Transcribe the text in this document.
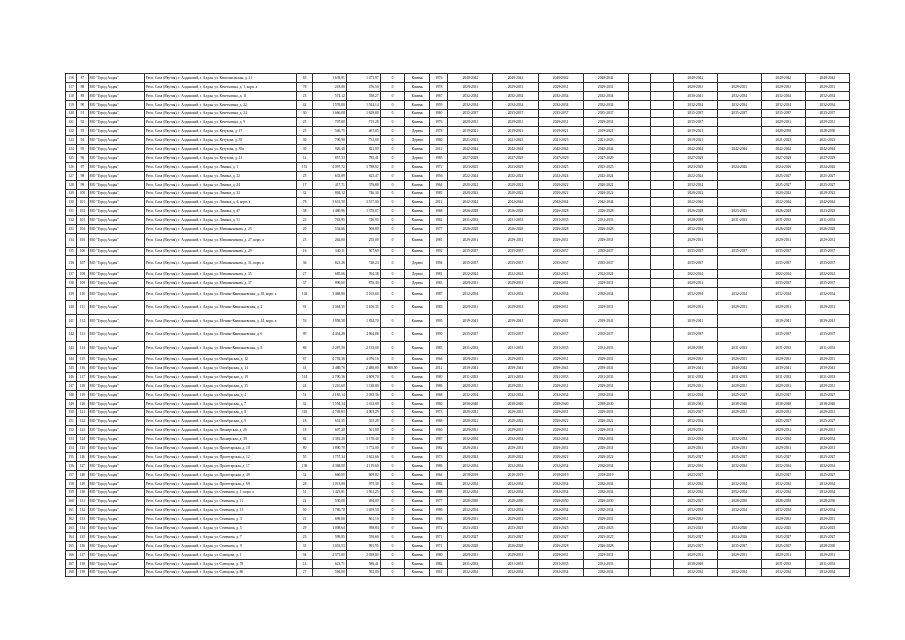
116	87	МО "Город Алдан"	Респ. Саха (Якутия), г. Алданский, г. Алдан, ул. Комсомольская, д. 21	65	1 639,81	1 471,97	0	Камень	1976	2040-2042	2040-2042	2040-2042	2040-2042			2040-2042		2040-2042	2040-2042
117	88	МО "Город Алдан"	Респ. Саха (Якутия), г. Алданский, г. Алдан, ул. Кочетыгина, д. 1, корп. а	78	218,00	476,50	0	Камень	1978	2029-2031	2029-2031	2029-2031	2029-2031			2029-2031	2029-2031	2029-2031	2029-2031
118	89	МО "Город Алдан"	Респ. Саха (Якутия), г. Алданский, г. Алдан, ул. Кочетыгина, д. 11	23	574,12	558,27	0	Камень	1967	2032-2034	2032-2034	2032-2034	2032-2034			2030-2041	2032-2034	2032-2034	2032-2034
119	90	МО "Город Алдан"	Респ. Саха (Якутия), г. Алданский, г. Алдан, ул. Кочетыгина, д. 22	42	1 576,00	1 544,14	0	Камень	1959	2032-2034	2032-2034	2032-2034	2032-2034			2032-2034	2032-2034	2032-2034	2032-2034
120	91	МО "Город Алдан"	Респ. Саха (Якутия), г. Алданский, г. Алдан, ул. Кочетыгина, д. 24	30	1 666,00	1 629,80	0	Камень	1960	2035-2037	2035-2037	2035-2037	2035-2037			2035-2037	2035-2037	2035-2037	2035-2037
121	92	МО "Город Алдан"	Респ. Саха (Якутия), г. Алданский, г. Алдан, ул. Кочетыгина, д. 9	25	707,00	715,28	0	Камень	1976	2029-2031	2029-2031	2029-2031	2029-2031			2035-2037		2029-2031	2029-2031
122	93	МО "Город Алдан"	Респ. Саха (Якутия), г. Алданский, г. Алдан, ул. Кутузова, д. 17	25	546,75	467,05	0	Дерево	1978	2019-2021	2019-2021	2019-2021	2019-2021			2019-2021		2028-2030	2028-2030
123	94	МО "Город Алдан"	Респ. Саха (Якутия), г. Алданский, г. Алдан, ул. Кутузова, д. 39	30	790,90	731,00	0	Дерево	1960	2021-2023	2021-2023	2021-2023	2021-2023			2019-2021		2021-2023	2021-2023
124	95	МО "Город Алдан"	Респ. Саха (Якутия), г. Алданский, г. Алдан, ул. Кутузова, д. 39а	30	926,40	821,00	0	Камень	2012	2042-2044	2042-2044	2042-2044	2042-2044			2042-2044	2042-2044	2042-2044	2042-2044
125	96	МО "Город Алдан"	Респ. Саха (Якутия), г. Алданский, г. Алдан, ул. Кутузова, д. 41	12	857,53	785,41	0	Дерево	1985	2027-2029	2027-2029	2027-2029	2027-2029			2027-2029		2027-2029	2027-2029
126	97	МО "Город Алдан"	Респ. Саха (Якутия), г. Алданский, г. Алдан, ул. Ленина, д. 1	151	4 097,72	3 788,02	0	Камень	1972	2023-2025	2023-2025	2023-2025	2023-2025			2023-2025	2024-2026	2024-2026	2024-2026
127	98	МО "Город Алдан"	Респ. Саха (Якутия), г. Алданский, г. Алдан, ул. Ленина, д. 22	25	633,89	623,47	0	Камень	1956	2022-2024	2022-2024	2022-2024	2022-2024			2022-2024		2025-2027	2025-2027
128	99	МО "Город Алдан"	Респ. Саха (Якутия), г. Алданский, г. Алдан, ул. Ленина, д. 24	17	417,71	376,88	0	Камень	1964	2020-2022	2020-2022	2020-2022	2020-2022			2032-2034		2025-2027	2025-2027
129	100	МО "Город Алдан"	Респ. Саха (Якутия), г. Алданский, г. Алдан, ул. Ленина, д. 33	32	804,12	746,30	0	Камень	1982	2020-2022	2020-2022	2020-2022	2020-2022			2020-2022		2020-2022	2020-2022
130	101	МО "Город Алдан"	Респ. Саха (Якутия), г. Алданский, г. Алдан, ул. Ленина, д. 4, корп. а	78	3 631,50	3 517,00	0	Камень	2012	2042-2044	2042-2044	2042-2044	2042-2044			2042-2044		2042-2044	2042-2044
131	102	МО "Город Алдан"	Респ. Саха (Якутия), г. Алданский, г. Алдан, ул. Ленина, д. 47	38	1 480,96	1 370,07	0	Камень	1968	2026-2028	2026-2028	2026-2028	2026-2028			2026-2028	2023-2025	2026-2028	2023-2025
132	103	МО "Город Алдан"	Респ. Саха (Якутия), г. Алданский, г. Алдан, ул. Ленина, д. 51	23	763,95	726,95	0	Камень	1962	2031-2033	2031-2033	2031-2033	2031-2033			2028-2030	2031-2033	2031-2033	2031-2033
133	104	МО "Город Алдан"	Респ. Саха (Якутия), г. Алданский, г. Алдан, ул. Мичманчикова, д. 23	20	534,66	508,80	0	Камень	1977	2026-2028	2026-2028	2026-2028	2026-2028			2032-2034		2026-2028	2026-2028
134	105	МО "Город Алдан"	Респ. Саха (Якутия), г. Алданский, г. Алдан, ул. Мичманчикова, д. 27, корп. а	23	262,00	255,00	0	Камень	1981	2029-2031	2029-2031	2029-2031	2029-2031			2029-2031		2029-2031	2029-2031
135	106	МО "Город Алдан"	Респ. Саха (Якутия), г. Алданский, г. Алдан, ул. Мичманчикова, д. 29	16	540,11	507,69	0	Камень	1992	2035-2037	2035-2037	2035-2037	2035-2037			2035-2037	2035-2037	2035-2037	2035-2037
136	107	МО "Город Алдан"	Респ. Саха (Якутия), г. Алданский, г. Алдан, ул. Мичманчикова, д. 31, корп. а	36	821,26	748,24	0	Дерево	1994	2035-2037	2035-2037	2035-2037	2035-2037			2035-2037		2035-2037	2035-2037
137	108	МО "Город Алдан"	Респ. Саха (Якутия), г. Алданский, г. Алдан, ул. Мичманчикова, д. 35	27	685,66	594,38	0	Дерево	1981	2022-2024	2022-2024	2022-2024	2022-2024			2022-2024		2022-2024	2022-2024
138	109	МО "Город Алдан"	Респ. Саха (Якутия), г. Алданский, г. Алдан, ул. Мичманчикова, д. 37	37	990,00	876,40	0	Дерево	1983	2029-2031	2029-2031	2029-2031	2029-2031			2029-2031		2035-2037	2035-2037
139	110	МО "Город Алдан"	Респ. Саха (Якутия), г. Алданский, г. Алдан, ул. Мотико-Кавильковская, д. 18, корп. а	102	3 468,80	3 165,60	0	Камень	1987	2032-2034	2032-2034	2032-2034	2032-2034			2032-2034	2032-2034	2032-2034	2032-2034
140	111	МО "Город Алдан"	Респ. Саха (Якутия), г. Алданский, г. Алдан, ул. Мотико-Кавильковская, д. 2	91	3 364,35	3 106,35	0	Камень	1983	2029-2031	2029-2031	2029-2031	2029-2031			2029-2031	2029-2031	2029-2031	2029-2031
141	112	МО "Город Алдан"	Респ. Саха (Якутия), г. Алданский, г. Алдан, ул. Мотико-Кавильковская, д. 24, корп. а	53	1 958,38	1 834,70	0	Камень	1995	2039-2041	2039-2041	2039-2041	2039-2041			2039-2041		2039-2041	2039-2041
142	113	МО "Город Алдан"	Респ. Саха (Якутия), г. Алданский, г. Алдан, ул. Мотико-Кавильковская, д. 6	99	4 434,28	4 064,86	0	Камень	1990	2035-2037	2035-2037	2035-2037	2035-2037			2035-2037		2035-2037	2035-2037
143	114	МО "Город Алдан"	Респ. Саха (Якутия), г. Алданский, г. Алдан, ул. Мотико-Кавильковская, д. 8	86	2 287,50	2 133,00	0	Камень	1985	2031-2033	2031-2033	2031-2033	2031-2033			2028-2030	2031-2033	2031-2033	2031-2033
144	115	МО "Город Алдан"	Респ. Саха (Якутия), г. Алданский, г. Алдан, ул. Октябрьская, д. 12	67	4 792,36	4 076,16	0	Камень	1964	2029-2031	2029-2031	2029-2031	2029-2031			2029-2031	2026-2031	2029-2031	2029-2031
145	116	МО "Город Алдан"	Респ. Саха (Якутия), г. Алданский, г. Алдан, ул. Октябрьская, д. 14	41	2 480,76	2 480,00	800,00	Камень	2012	2039-2041	2039-2041	2039-2041	2039-2041			2039-2041	2040-2042	2039-2041	2039-2041
146	117	МО "Город Алдан"	Респ. Саха (Якутия), г. Алданский, г. Алдан, ул. Октябрьская, д. 19	114	2 700,36	2 609,70	0	Камень	1980	2031-2033	2031-2033	2031-2033	2031-2033			2031-2033	2031-2033	2031-2033	2031-2033
147	118	МО "Город Алдан"	Респ. Саха (Якутия), г. Алданский, г. Алдан, ул. Октябрьская, д. 35	24	1 216,60	1 138,80	0	Камень	1986	2029-2031	2029-2031	2029-2031	2029-2031			2029-2031	2029-2031	2029-2031	2029-2031
148	119	МО "Город Алдан"	Респ. Саха (Якутия), г. Алданский, г. Алдан, ул. Октябрьская, д. 4	51	2 165,14	2 035,36	0	Камень	1968	2032-2034	2032-2034	2032-2034	2032-2034			2032-2034	2025-2027	2025-2027	2025-2027
149	120	МО "Город Алдан"	Респ. Саха (Якутия), г. Алданский, г. Алдан, ул. Октябрьская, д. 7	32	1 554,34	1 412,09	0	Камень	1960	2038-2040	2038-2040	2038-2040	2038-2040			2030-2041	2038-2040	2038-2040	2038-2040
150	121	МО "Город Алдан"	Респ. Саха (Якутия), г. Алданский, г. Алдан, ул. Октябрьская, д. 8	110	4 749,83	4 003,29	0	Камень	1973	2029-2031	2029-2031	2029-2031	2029-2031			2025-2027	2029-2031	2029-2031	2029-2031
151	122	МО "Город Алдан"	Респ. Саха (Якутия), г. Алданский, г. Алдан, ул. Октябрьская, д. 9	18	631,35	555,28	0	Камень	1968	2020-2022	2020-2022	2020-2022	2020-2022			2032-2034		2025-2027	2025-2027
152	123	МО "Город Алдан"	Респ. Саха (Якутия), г. Алданский, г. Алдан, ул. Пионерская, д. 26	18	607,20	561,80	0	Камень	1960	2029-2031	2029-2031	2029-2031	2029-2031			2029-2031		2029-2031	2029-2031
153	124	МО "Город Алдан"	Респ. Саха (Якутия), г. Алданский, г. Алдан, ул. Пионерская, д. 39	84	3 381,20	3 178,40	0	Камень	1987	2032-2034	2032-2034	2032-2034	2032-2034			2032-2034	2032-2034	2032-2034	2032-2034
154	125	МО "Город Алдан"	Респ. Саха (Якутия), г. Алданский, г. Алдан, ул. Пролетарская, д. 10	80	1 890,70	1 772,00	0	Камень	1982	2029-2031	2029-2031	2029-2031	2029-2031			2029-2031	2029-2031	2029-2031	2029-2031
155	126	МО "Город Алдан"	Респ. Саха (Якутия), г. Алданский, г. Алдан, ул. Пролетарская, д. 12	55	1 757,34	1 622,66	0	Камень	1973	2020-2022	2020-2022	2020-2022	2020-2022			2025-2027	2025-2027	2025-2027	2025-2027
156	127	МО "Город Алдан"	Респ. Саха (Якутия), г. Алданский, г. Алдан, ул. Пролетарская, д. 17	138	4 368,00	4 119,60	0	Камень	1986	2032-2034	2032-2034	2032-2034	2032-2034			2032-2034	2032-2034	2032-2034	2032-2034
157	128	МО "Город Алдан"	Респ. Саха (Якутия), г. Алданский, г. Алдан, ул. Пролетарская, д. 49	32	660,00	609,82	0	Камень	1964	2018-2019	2018-2019	2018-2019	2018-2019			2025-2027		2025-2027	2025-2027
158	129	МО "Город Алдан"	Респ. Саха (Якутия), г. Алданский, г. Алдан, ул. Пролетарская, д. 69	28	1 013,00	975,30	0	Камень	1982	2032-2034	2032-2034	2032-2034	2032-2034			2032-2034	2032-2034	2032-2034	2032-2034
159	130	МО "Город Алдан"	Респ. Саха (Якутия), г. Алданский, г. Алдан, ул. Семенова, д. 1, корп. а	51	1 423,81	1 361,25	0	Камень	1988	2032-2034	2032-2034	2032-2034	2032-2034			2032-2034	2052-2054	2032-2034	2032-2034
160	131	МО "Город Алдан"	Респ. Саха (Якутия), г. Алданский, г. Алдан, ул. Семенова, д. 11	22	530,00	494,00	0	Камень	1977	2028-2030	2028-2030	2028-2030	2028-2030			2025-2027	2028-2030	2028-2030	2028-2030
161	132	МО "Город Алдан"	Респ. Саха (Якутия), г. Алданский, г. Алдан, ул. Семенова, д. 13	50	1 786,70	1 659,50	0	Камень	1986	2032-2034	2032-2034	2032-2034	2032-2034			2032-2034	2032-2034	2032-2034	2032-2034
162	133	МО "Город Алдан"	Респ. Саха (Якутия), г. Алданский, г. Алдан, ул. Семенова, д. 3	21	699,00	661,10	0	Камень	1963	2029-2031	2029-2031	2029-2031	2029-2031			2029-2031		2029-2031	2029-2031
163	134	МО "Город Алдан"	Респ. Саха (Якутия), г. Алданский, г. Алдан, ул. Семенова, д. 5	29	1 008,64	958,84	0	Камень	1972	2023-2025	2023-2025	2023-2025	2023-2025			2023-2025	2024-2026	2022-2025	2022-2025
164	135	МО "Город Алдан"	Респ. Саха (Якутия), г. Алданский, г. Алдан, ул. Семенова, д. 7	23	599,85	550,69	0	Камень	1971	2025-2027	2025-2027	2025-2027	2025-2027			2025-2027	2024-2026	2025-2027	2025-2027
165	136	МО "Город Алдан"	Респ. Саха (Якутия), г. Алданский, г. Алдан, ул. Семенова, д. 9	33	1 033,53	991,95	0	Камень	1971	2026-2028	2026-2028	2026-2028	2026-2028			2025-2027	2035-2037	2025-2027	2028-2030
166	137	МО "Город Алдан"	Респ. Саха (Якутия), г. Алданский, г. Алдан, ул. Слепцова, д. 1	94	2 371,00	2 039,00	0	Камень	1980	2029-2031	2029-2031	2029-2031	2029-2031			2029-2031	2029-2031	2029-2031	2029-2031
167	138	МО "Город Алдан"	Респ. Саха (Якутия), г. Алданский, г. Алдан, ул. Слепцова, д. 78	14	623,71	586,41	0	Камень	1982	2031-2033	2031-2033	2031-2033	2031-2033			2038-2040		2031-2033	2031-2033
168	139	МО "Город Алдан"	Респ. Саха (Якутия), г. Алданский, г. Алдан, ул. Слепцова, д. 80	27	594,00	562,00	0	Камень	1961	2032-2034	2032-2034	2032-2034	2032-2034			2032-2034	2032-2034	2032-2034	2032-2034
